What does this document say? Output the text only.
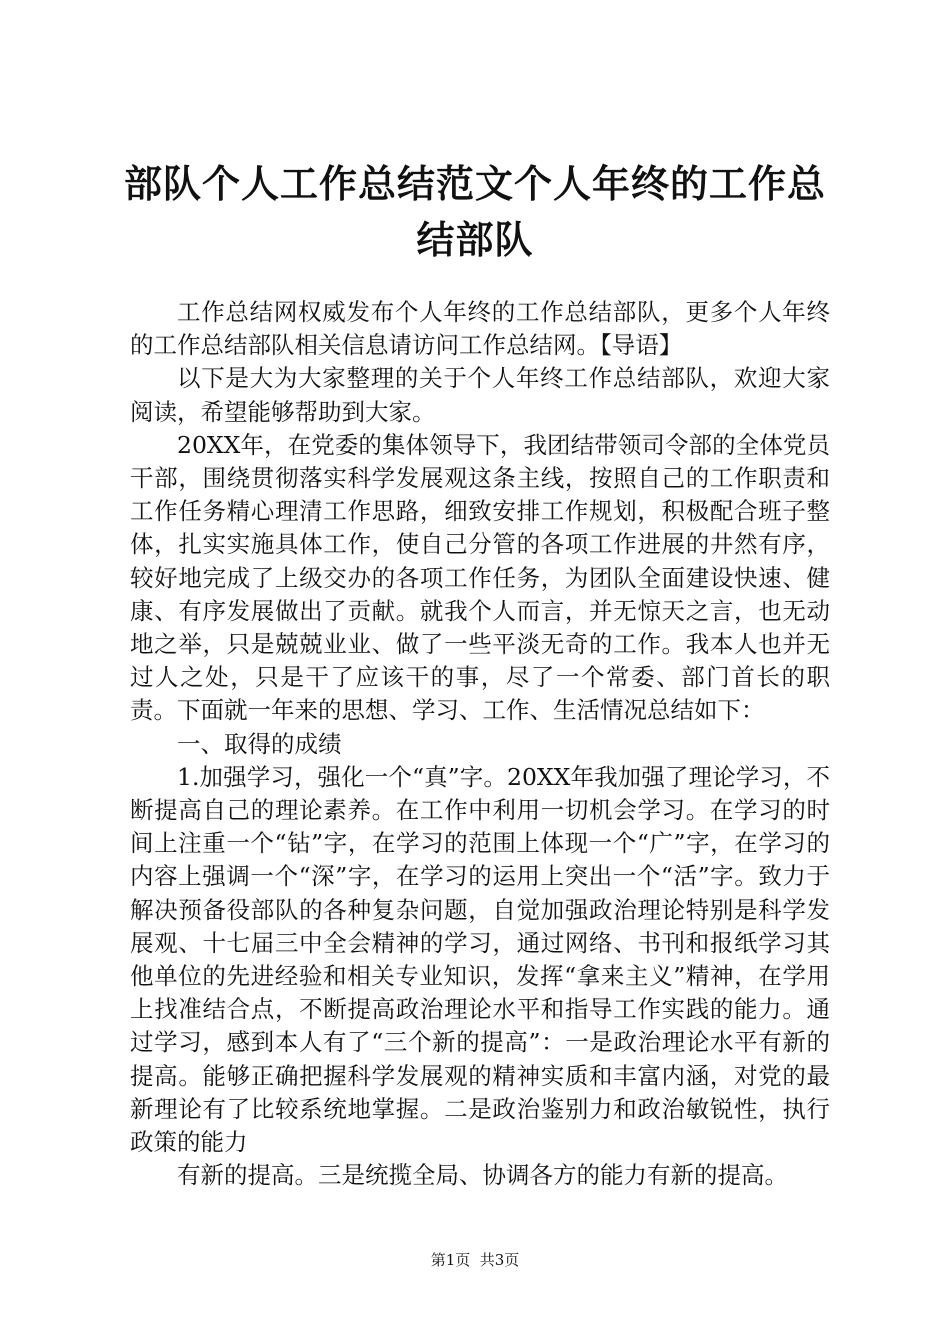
部队个人工作总结范文个人年终的工作总结部队

工作总结网权威发布个人年终的工作总结部队，更多个人年终的工作总结部队相关信息请访问工作总结网。【导语】

以下是大为大家整理的关于个人年终工作总结部队，欢迎大家阅读，希望能够帮助到大家。

20XX年，在党委的集体领导下，我团结带领司令部的全体党员干部，围绕贯彻落实科学发展观这条主线，按照自己的工作职责和工作任务精心理清工作思路，细致安排工作规划，积极配合班子整体，扎实实施具体工作，使自己分管的各项工作进展的井然有序，较好地完成了上级交办的各项工作任务，为团队全面建设快速、健康、有序发展做出了贡献。就我个人而言，并无惊天之言，也无动地之举，只是兢兢业业、做了一些平淡无奇的工作。我本人也并无过人之处，只是干了应该干的事，尽了一个常委、部门首长的职责。下面就一年来的思想、学习、工作、生活情况总结如下：

一、取得的成绩

1.加强学习，强化一个“真”字。20XX年我加强了理论学习，不断提高自己的理论素养。在工作中利用一切机会学习。在学习的时间上注重一个“钻”字，在学习的范围上体现一个“广”字，在学习的内容上强调一个“深”字，在学习的运用上突出一个“活”字。致力于解决预备役部队的各种复杂问题，自觉加强政治理论特别是科学发展观、十七届三中全会精神的学习，通过网络、书刊和报纸学习其他单位的先进经验和相关专业知识，发挥“拿来主义”精神，在学用上找准结合点，不断提高政治理论水平和指导工作实践的能力。通过学习，感到本人有了“三个新的提高”：一是政治理论水平有新的提高。能够正确把握科学发展观的精神实质和丰富内涵，对党的最新理论有了比较系统地掌握。二是政治鉴别力和政治敏锐性，执行政策的能力

有新的提高。三是统揽全局、协调各方的能力有新的提高。

第1页  共3页
